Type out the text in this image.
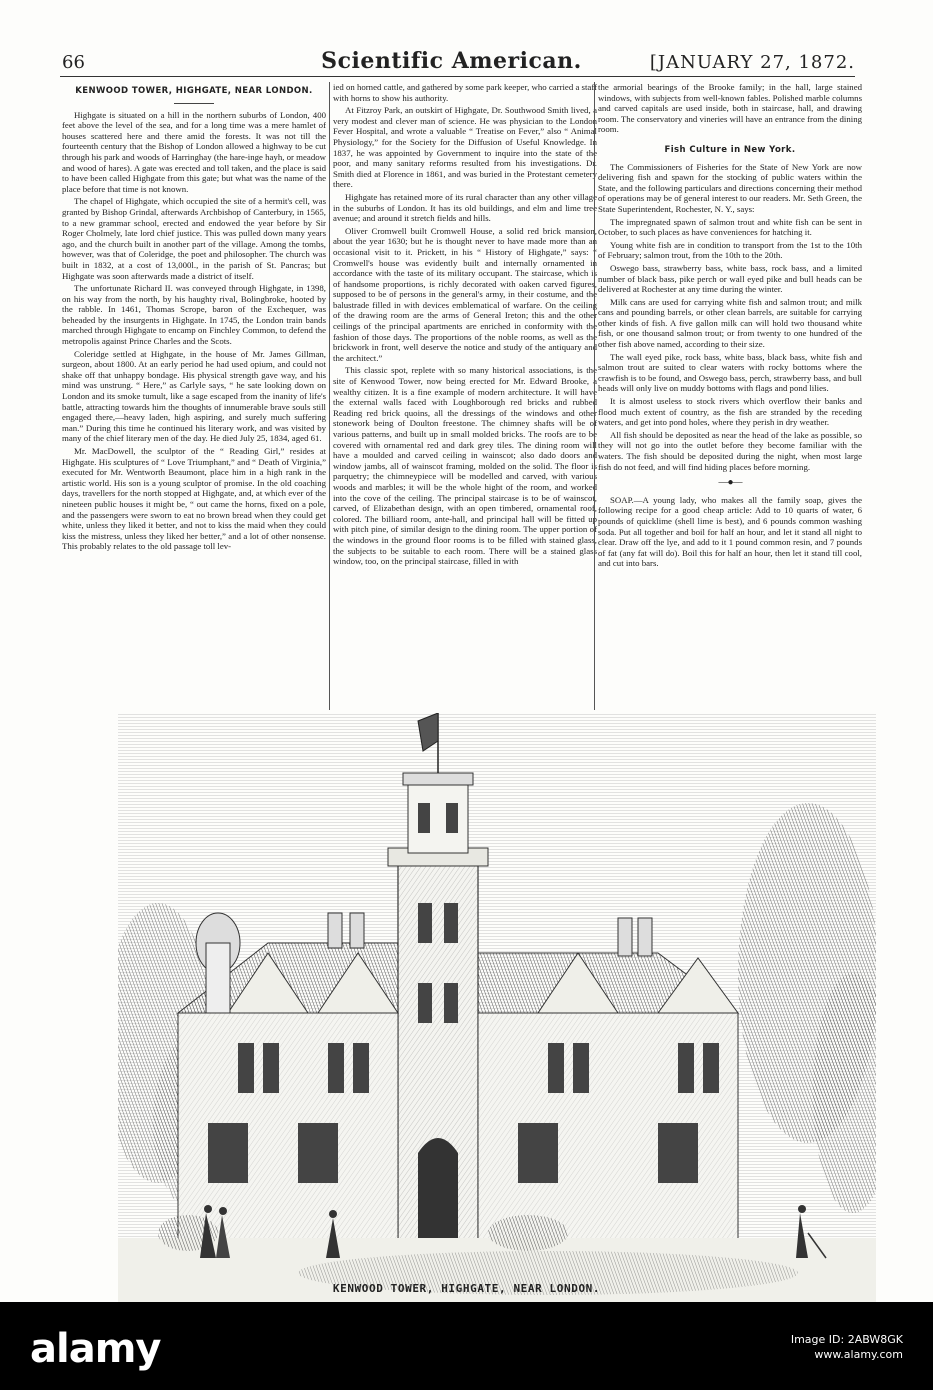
66	Scientific American.	[JANUARY 27, 1872.
KENWOOD TOWER, HIGHGATE, NEAR LONDON.

Highgate is situated on a hill in the northern suburbs of London, 400 feet above the level of the sea, and for a long time was a mere hamlet of houses scattered here and there amid the forests. It was not till the fourteenth century that the Bishop of London allowed a highway to be cut through his park and woods of Harringhay (the hare-inge hayh, or meadow and wood of hares). A gate was erected and toll taken, and the place is said to have been called Highgate from this gate; but what was the name of the place before that time is not known.

The chapel of Highgate, which occupied the site of a hermit's cell, was granted by Bishop Grindal, afterwards Archbishop of Canterbury, in 1565, to a new grammar school, erected and endowed the year before by Sir Roger Cholmely, late lord chief justice. This was pulled down many years ago, and the church built in another part of the village. Among the tombs, however, was that of Coleridge, the poet and philosopher. The church was built in 1832, at a cost of 13,000l., in the parish of St. Pancras; but Highgate was soon afterwards made a district of itself.

The unfortunate Richard II. was conveyed through Highgate, in 1398, on his way from the north, by his haughty rival, Bolingbroke, hooted by the rabble. In 1461, Thomas Scrope, baron of the Exchequer, was beheaded by the insurgents in Highgate. In 1745, the London train bands marched through Highgate to encamp on Finchley Common, to defend the metropolis against Prince Charles and the Scots.

Coleridge settled at Highgate, in the house of Mr. James Gillman, surgeon, about 1800. At an early period he had used opium, and could not shake off that unhappy bondage. His physical strength gave way, and his mind was unstrung. “ Here,” as Carlyle says, “ he sate looking down on London and its smoke tumult, like a sage escaped from the inanity of life's battle, attracting towards him the thoughts of innumerable brave souls still engaged there,—heavy laden, high aspiring, and surely much suffering man.” During this time he continued his literary work, and was visited by many of the chief literary men of the day. He died July 25, 1834, aged 61.

Mr. MacDowell, the sculptor of the “ Reading Girl,” resides at Highgate. His sculptures of “ Love Triumphant,” and “ Death of Virginia,” executed for Mr. Wentworth Beaumont, place him in a high rank in the artistic world. His son is a young sculptor of promise. In the old coaching days, travellers for the north stopped at Highgate, and, at which ever of the nineteen public houses it might be, “ out came the horns, fixed on a pole, and the passengers were sworn to eat no brown bread when they could get white, unless they liked it better, and not to kiss the maid when they could kiss the mistress, unless they liked her better,” and a lot of other nonsense. This probably relates to the old passage toll lev-

ied on horned cattle, and gathered by some park keeper, who carried a staff with horns to show his authority.

At Fitzroy Park, an outskirt of Highgate, Dr. Southwood Smith lived, a very modest and clever man of science. He was physician to the London Fever Hospital, and wrote a valuable “ Treatise on Fever,” also “ Animal Physiology,” for the Society for the Diffusion of Useful Knowledge. In 1837, he was appointed by Government to inquire into the state of the poor, and many sanitary reforms resulted from his investigations. Dr. Smith died at Florence in 1861, and was buried in the Protestant cemetery there.

Highgate has retained more of its rural character than any other village in the suburbs of London. It has its old buildings, and elm and lime tree avenue; and around it stretch fields and hills.

Oliver Cromwell built Cromwell House, a solid red brick mansion, about the year 1630; but he is thought never to have made more than an occasional visit to it. Prickett, in his “ History of Highgate,” says: “ Cromwell's house was evidently built and internally ornamented in accordance with the taste of its military occupant. The staircase, which is of handsome proportions, is richly decorated with oaken carved figures, supposed to be of persons in the general's army, in their costume, and the balustrade filled in with devices emblematical of warfare. On the ceiling of the drawing room are the arms of General Ireton; this and the other ceilings of the principal apartments are enriched in conformity with the fashion of those days. The proportions of the noble rooms, as well as the brickwork in front, well deserve the notice and study of the antiquary and the architect.”

This classic spot, replete with so many historical associations, is the site of Kenwood Tower, now being erected for Mr. Edward Brooke, a wealthy citizen. It is a fine example of modern architecture. It will have the external walls faced with Loughborough red bricks and rubbed Reading red brick quoins, all the dressings of the windows and other stonework being of Doulton freestone. The chimney shafts will be of various patterns, and built up in small molded bricks. The roofs are to be covered with ornamental red and dark grey tiles. The dining room will have a moulded and carved ceiling in wainscot; also dado doors and window jambs, all of wainscot framing, molded on the solid. The floor is parquetry; the chimneypiece will be modelled and carved, with various woods and marbles; it will be the whole hight of the room, and worked into the cove of the ceiling. The principal staircase is to be of wainscot, carved, of Elizabethan design, with an open timbered, ornamental roof, colored. The billiard room, ante-hall, and principal hall will be fitted up with pitch pine, of similar design to the dining room. The upper portion of the windows in the ground floor rooms is to be filled with stained glass, the subjects to be suitable to each room. There will be a stained glass window, too, on the principal staircase, filled in with

the armorial bearings of the Brooke family; in the hall, large stained windows, with subjects from well-known fables. Polished marble columns and carved capitals are used inside, both in staircase, hall, and drawing room. The conservatory and vineries will have an entrance from the dining room.

Fish Culture in New York.

The Commissioners of Fisheries for the State of New York are now delivering fish and spawn for the stocking of public waters within the State, and the following particulars and directions concerning their method of operations may be of general interest to our readers. Mr. Seth Green, the State Superintendent, Rochester, N. Y., says:

The impregnated spawn of salmon trout and white fish can be sent in October, to such places as have conveniences for hatching it.

Young white fish are in condition to transport from the 1st to the 10th of February; salmon trout, from the 10th to the 20th.

Oswego bass, strawberry bass, white bass, rock bass, and a limited number of black bass, pike perch or wall eyed pike and bull heads can be delivered at Rochester at any time during the winter.

Milk cans are used for carrying white fish and salmon trout; and milk cans and pounding barrels, or other clean barrels, are suitable for carrying other kinds of fish. A five gallon milk can will hold two thousand white fish, or one thousand salmon trout; or from twenty to one hundred of the other fish above named, according to their size.

The wall eyed pike, rock bass, white bass, black bass, white fish and salmon trout are suited to clear waters with rocky bottoms where the crawfish is to be found, and Oswego bass, perch, strawberry bass, and bull heads will only live on muddy bottoms with flags and pond lilies.

It is almost useless to stock rivers which overflow their banks and flood much extent of country, as the fish are stranded by the receding waters, and get into pond holes, where they perish in dry weather.

All fish should be deposited as near the head of the lake as possible, so they will not go into the outlet before they become familiar with the waters. The fish should be deposited during the night, when most large fish do not feed, and will find hiding places before morning.

—●—

SOAP.—A young lady, who makes all the family soap, gives the following recipe for a good cheap article: Add to 10 quarts of water, 6 pounds of quicklime (shell lime is best), and 6 pounds common washing soda. Put all together and boil for half an hour, and let it stand all night to clear. Draw off the lye, and add to it 1 pound common resin, and 7 pounds of fat (any fat will do). Boil this for half an hour, then let it stand till cool, and cut into bars.

KENWOOD TOWER, HIGHGATE, NEAR LONDON.
alamy	Image ID: 2ABW8GK
www.alamy.com
